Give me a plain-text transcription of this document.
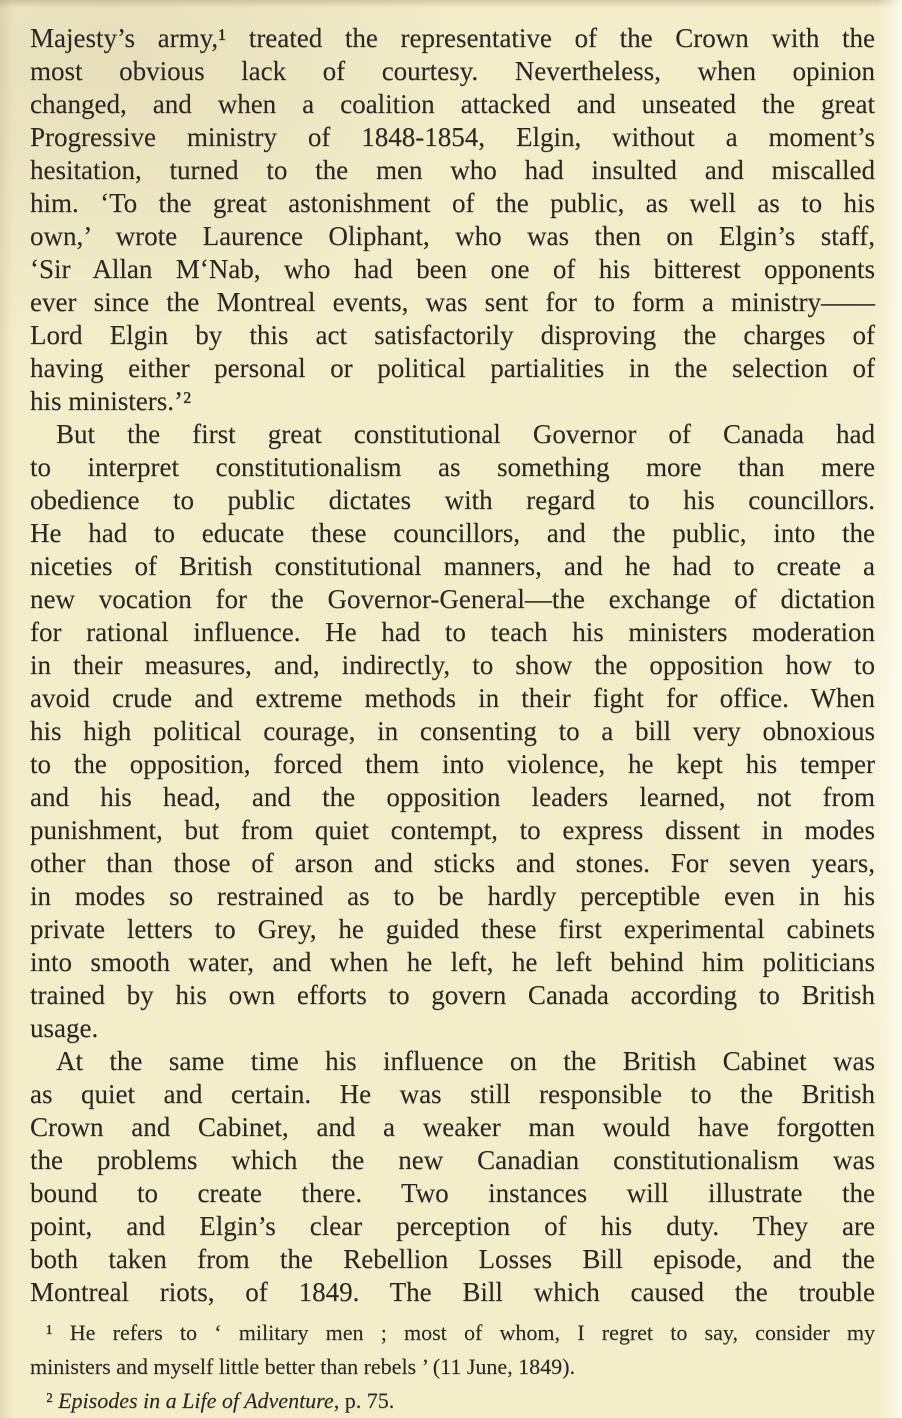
Majesty’s army,¹ treated the representative of the Crown with the
most obvious lack of courtesy. Nevertheless, when opinion
changed, and when a coalition attacked and unseated the great
Progressive ministry of 1848-1854, Elgin, without a moment’s
hesitation, turned to the men who had insulted and miscalled
him. ‘To the great astonishment of the public, as well as to his
own,’ wrote Laurence Oliphant, who was then on Elgin’s staff,
‘Sir Allan M‘Nab, who had been one of his bitterest opponents
ever since the Montreal events, was sent for to form a ministry——
Lord Elgin by this act satisfactorily disproving the charges of
having either personal or political partialities in the selection of
his ministers.’²
But the first great constitutional Governor of Canada had
to interpret constitutionalism as something more than mere
obedience to public dictates with regard to his councillors.
He had to educate these councillors, and the public, into the
niceties of British constitutional manners, and he had to create a
new vocation for the Governor-General—the exchange of dictation
for rational influence. He had to teach his ministers moderation
in their measures, and, indirectly, to show the opposition how to
avoid crude and extreme methods in their fight for office. When
his high political courage, in consenting to a bill very obnoxious
to the opposition, forced them into violence, he kept his temper
and his head, and the opposition leaders learned, not from
punishment, but from quiet contempt, to express dissent in modes
other than those of arson and sticks and stones. For seven years,
in modes so restrained as to be hardly perceptible even in his
private letters to Grey, he guided these first experimental cabinets
into smooth water, and when he left, he left behind him politicians
trained by his own efforts to govern Canada according to British
usage.
At the same time his influence on the British Cabinet was
as quiet and certain. He was still responsible to the British
Crown and Cabinet, and a weaker man would have forgotten
the problems which the new Canadian constitutionalism was
bound to create there. Two instances will illustrate the
point, and Elgin’s clear perception of his duty. They are
both taken from the Rebellion Losses Bill episode, and the
Montreal riots, of 1849. The Bill which caused the trouble
¹ He refers to ‘ military men ; most of whom, I regret to say, consider my
ministers and myself little better than rebels ’ (11 June, 1849).
² Episodes in a Life of Adventure, p. 75.
